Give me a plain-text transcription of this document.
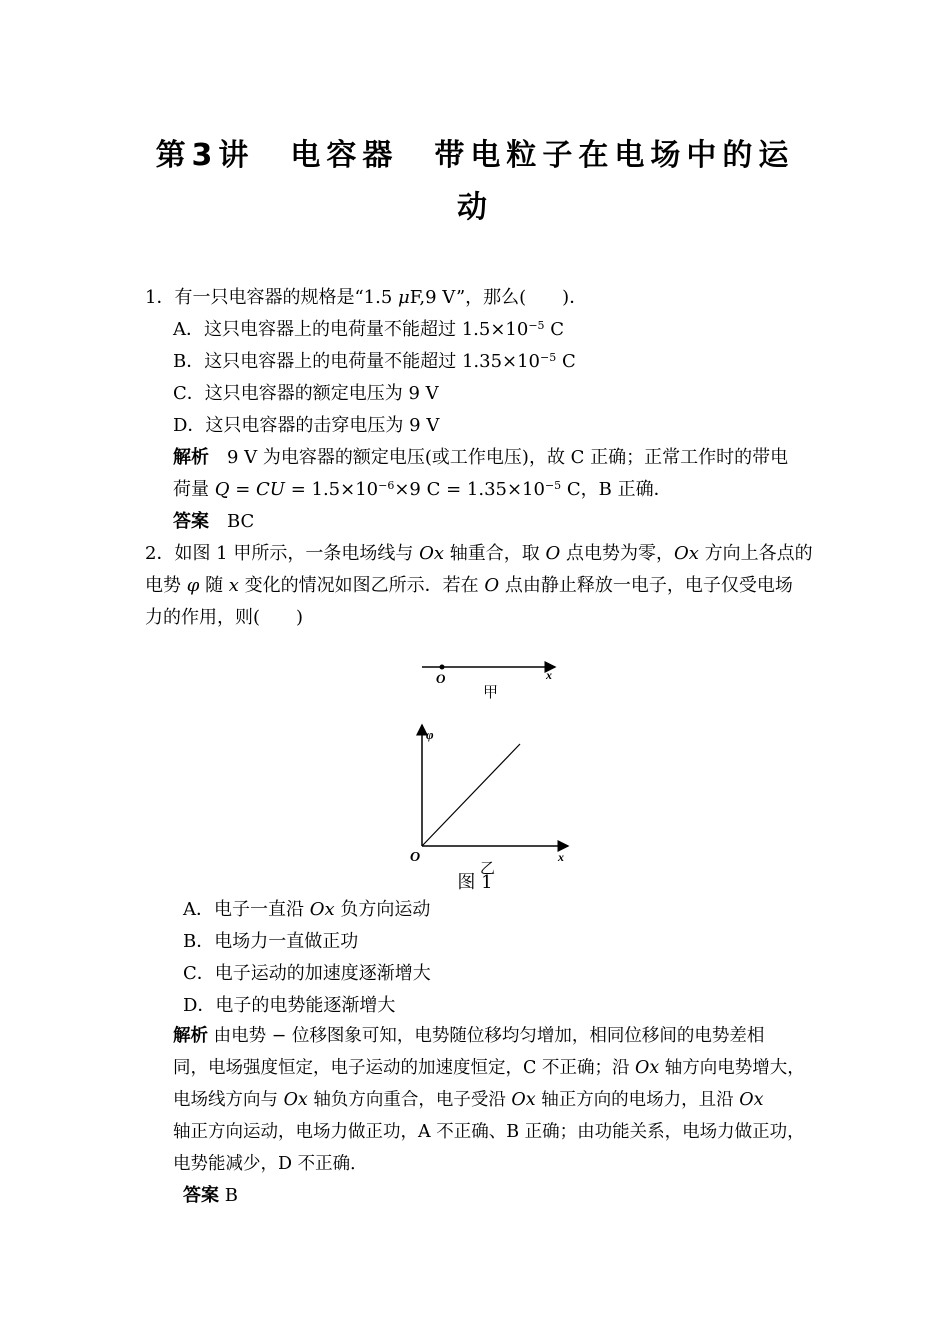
第3讲　电容器　带电粒子在电场中的运
动
1．有一只电容器的规格是“1.5 μF,9 V”，那么(　　)．
A．这只电容器上的电荷量不能超过 $1.5\times 10^{-5}$ C
B．这只电容器上的电荷量不能超过 $1.35\times 10^{-5}$ C
C．这只电容器的额定电压为 9 V
D．这只电容器的击穿电压为 9 V
解析　9 V 为电容器的额定电压(或工作电压)，故 C 正确；正常工作时的带电
荷量 Q = CU = $1.5\times 10^{-6}\times 9$ $C = 1.35\times 10^{-5}$ C，B 正确．
答案　BC
2．如图 1 甲所示，一条电场线与 Ox 轴重合，取 O 点电势为零，Ox 方向上各点的
电势 φ 随 x 变化的情况如图乙所示．若在 O 点由静止释放一电子，电子仅受电场
力的作用，则(　　)
O	x
甲
φ
O	x
乙
图 1
A．电子一直沿 Ox 负方向运动
B．电场力一直做正功
C．电子运动的加速度逐渐增大
D．电子的电势能逐渐增大
解析 由电势 − 位移图象可知，电势随位移均匀增加，相同位移间的电势差相
同，电场强度恒定，电子运动的加速度恒定，C 不正确；沿 Ox 轴方向电势增大，
电场线方向与 Ox 轴负方向重合，电子受沿 Ox 轴正方向的电场力，且沿 Ox
轴正方向运动，电场力做正功，A 不正确、B 正确；由功能关系，电场力做正功，
电势能减少，D 不正确．
答案 B
